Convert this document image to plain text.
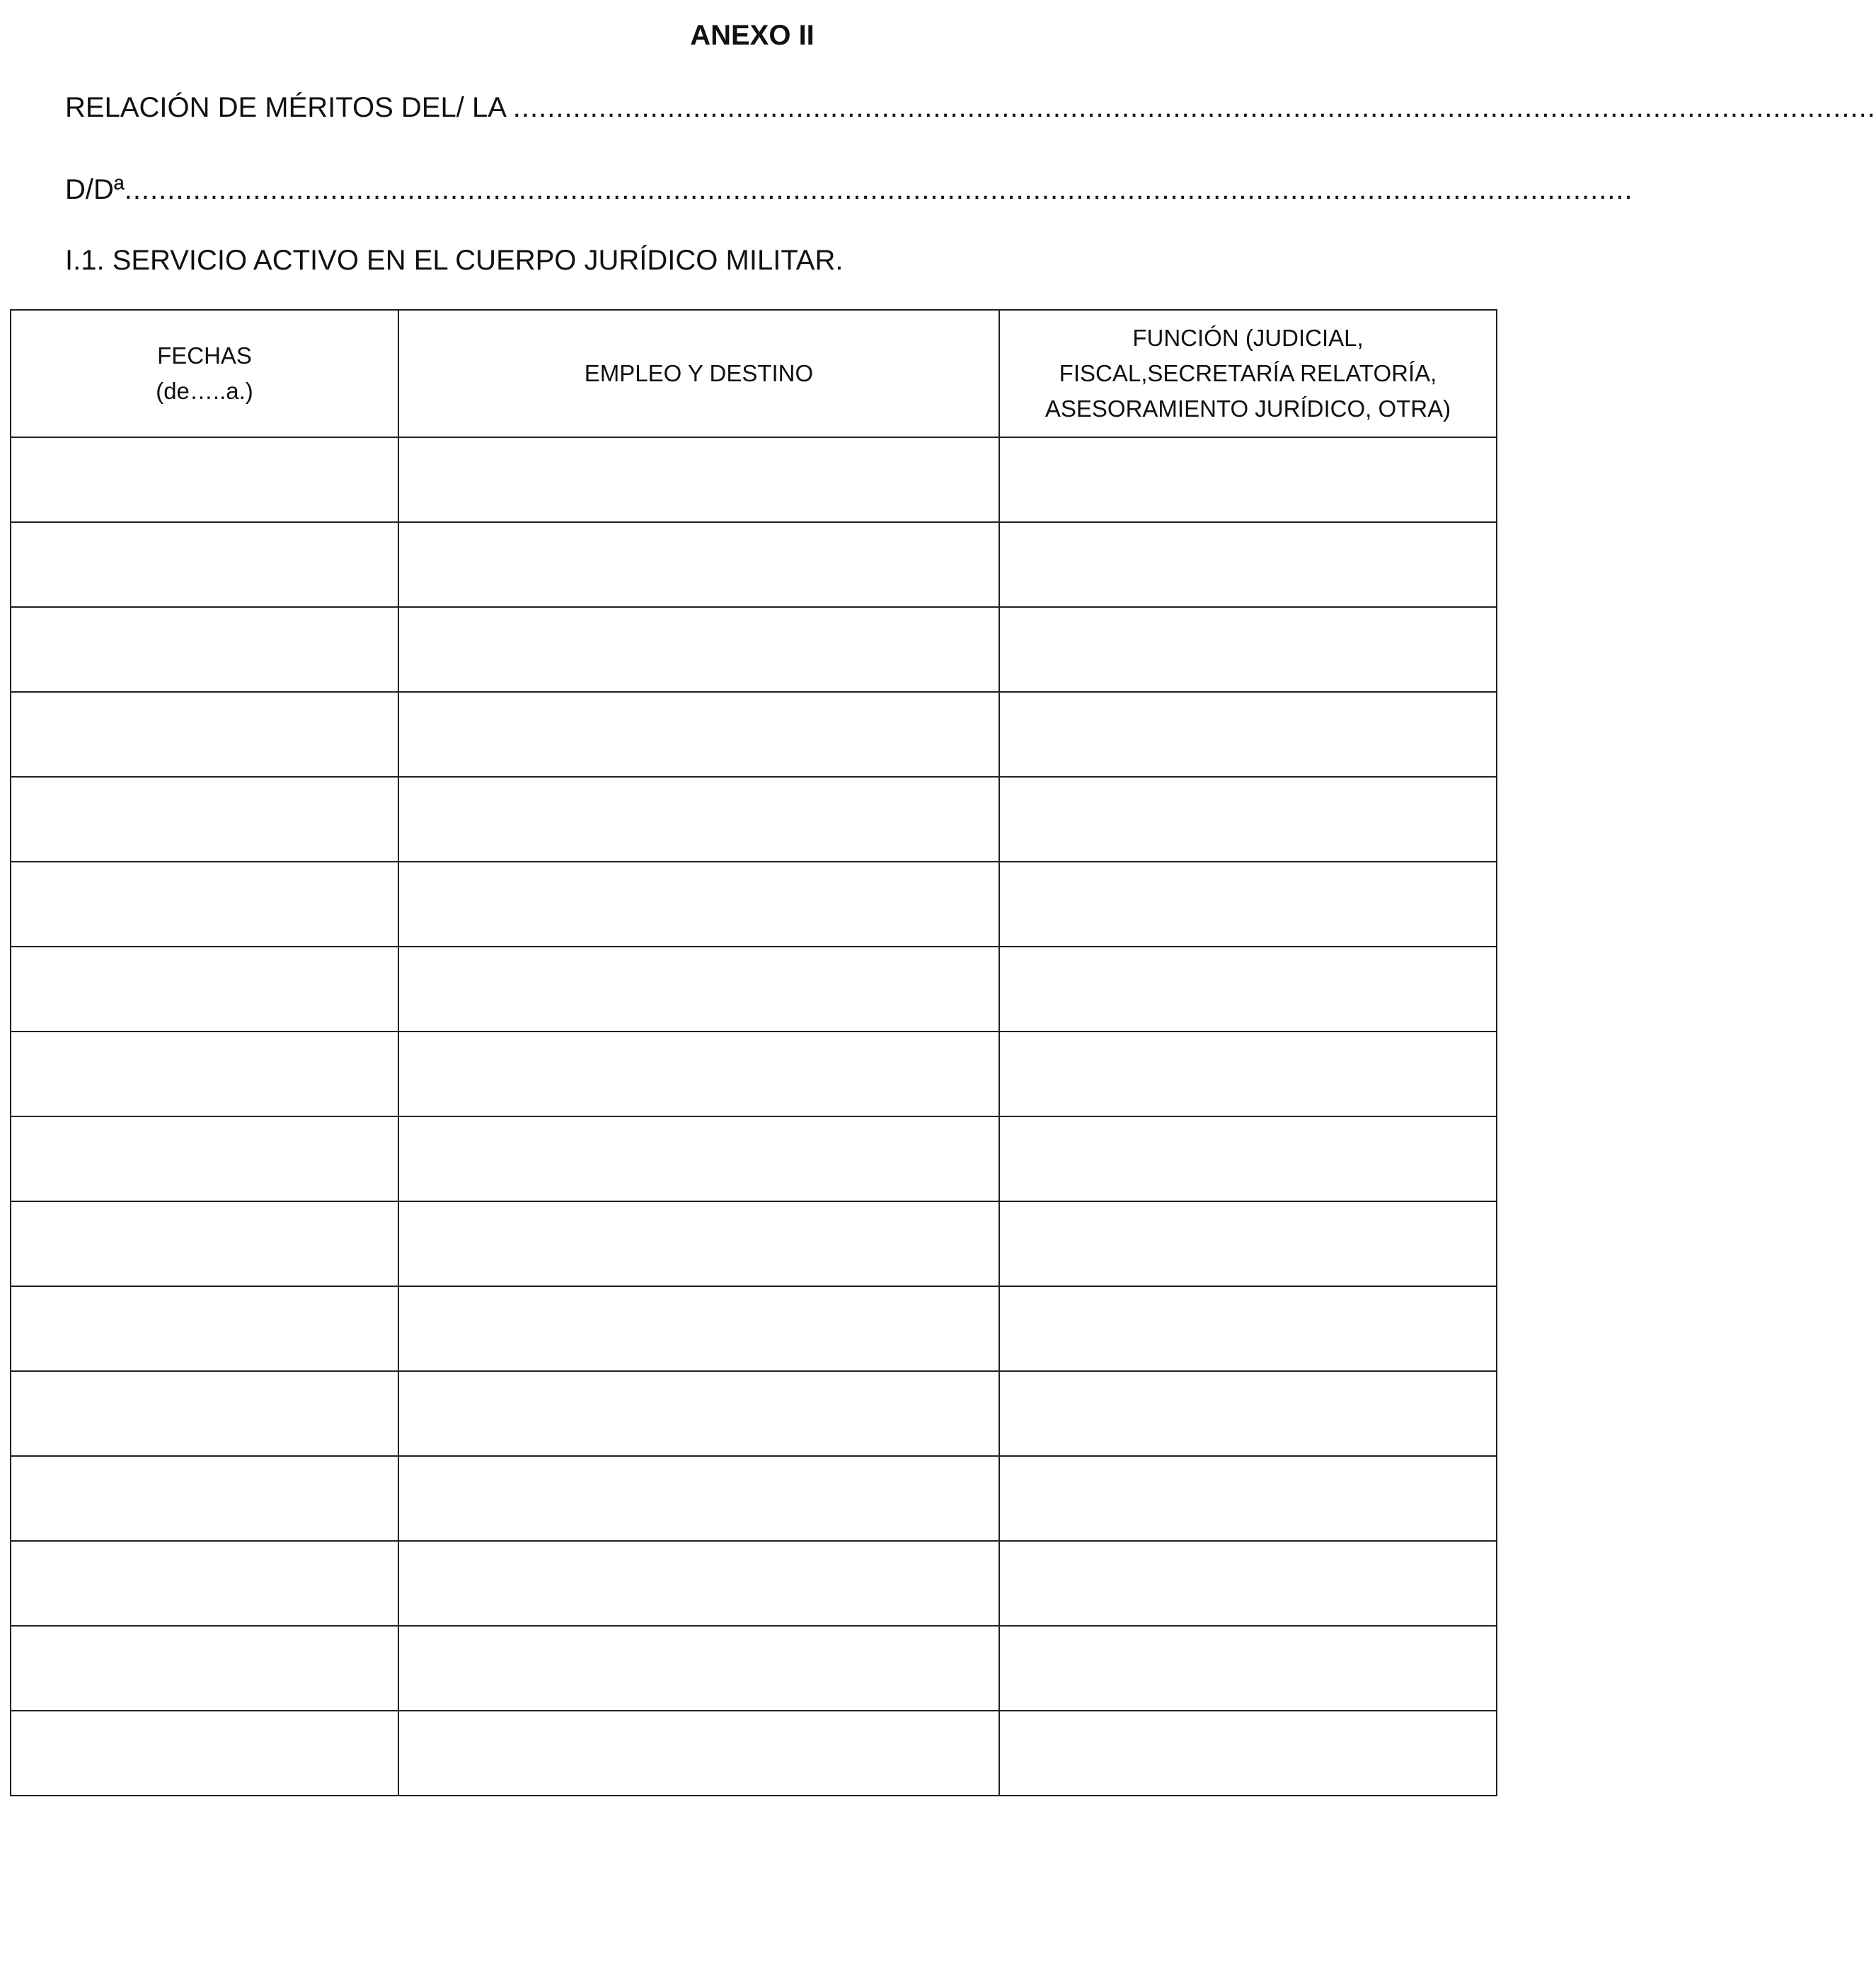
ANEXO II
RELACIÓN DE MÉRITOS DEL/ LA ...............................................................................................................................................................
D/Dª................................................................................................................................................................................
I.1. SERVICIO ACTIVO EN EL CUERPO JURÍDICO MILITAR.
FECHAS
(de…..a.)	EMPLEO Y DESTINO	FUNCIÓN (JUDICIAL,
FISCAL,SECRETARÍA RELATORÍA,
ASESORAMIENTO JURÍDICO, OTRA)
